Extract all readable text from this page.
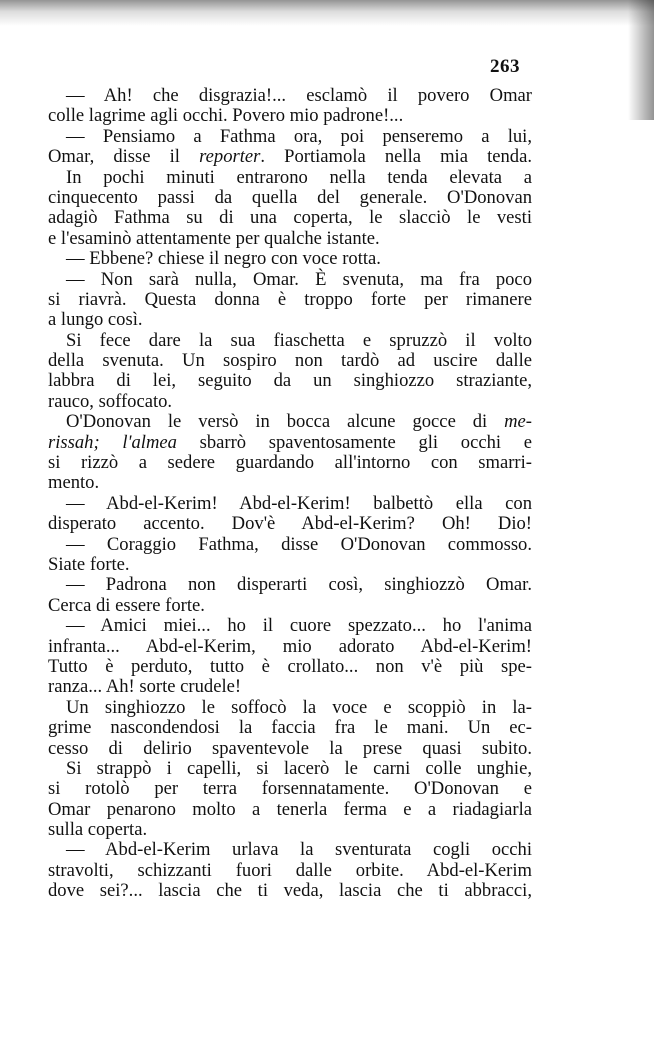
263
— Ah! che disgrazia!... esclamò il povero Omar
colle lagrime agli occhi. Povero mio padrone!...
— Pensiamo a Fathma ora, poi penseremo a lui,
Omar, disse il reporter. Portiamola nella mia tenda.
In pochi minuti entrarono nella tenda elevata a
cinquecento passi da quella del generale. O'Donovan
adagiò Fathma su di una coperta, le slacciò le vesti
e l'esaminò attentamente per qualche istante.
— Ebbene? chiese il negro con voce rotta.
— Non sarà nulla, Omar. È svenuta, ma fra poco
si riavrà. Questa donna è troppo forte per rimanere
a lungo così.
Si fece dare la sua fiaschetta e spruzzò il volto
della svenuta. Un sospiro non tardò ad uscire dalle
labbra di lei, seguito da un singhiozzo straziante,
rauco, soffocato.
O'Donovan le versò in bocca alcune gocce di me-
rissah; l'almea sbarrò spaventosamente gli occhi e
si rizzò a sedere guardando all'intorno con smarri-
mento.
— Abd-el-Kerim! Abd-el-Kerim! balbettò ella con
disperato accento. Dov'è Abd-el-Kerim? Oh! Dio!
— Coraggio Fathma, disse O'Donovan commosso.
Siate forte.
— Padrona non disperarti così, singhiozzò Omar.
Cerca di essere forte.
— Amici miei... ho il cuore spezzato... ho l'anima
infranta... Abd-el-Kerim, mio adorato Abd-el-Kerim!
Tutto è perduto, tutto è crollato... non v'è più spe-
ranza... Ah! sorte crudele!
Un singhiozzo le soffocò la voce e scoppiò in la-
grime nascondendosi la faccia fra le mani. Un ec-
cesso di delirio spaventevole la prese quasi subito.
Si strappò i capelli, si lacerò le carni colle unghie,
si rotolò per terra forsennatamente. O'Donovan e
Omar penarono molto a tenerla ferma e a riadagiarla
sulla coperta.
— Abd-el-Kerim urlava la sventurata cogli occhi
stravolti, schizzanti fuori dalle orbite. Abd-el-Kerim
dove sei?... lascia che ti veda, lascia che ti abbracci,
